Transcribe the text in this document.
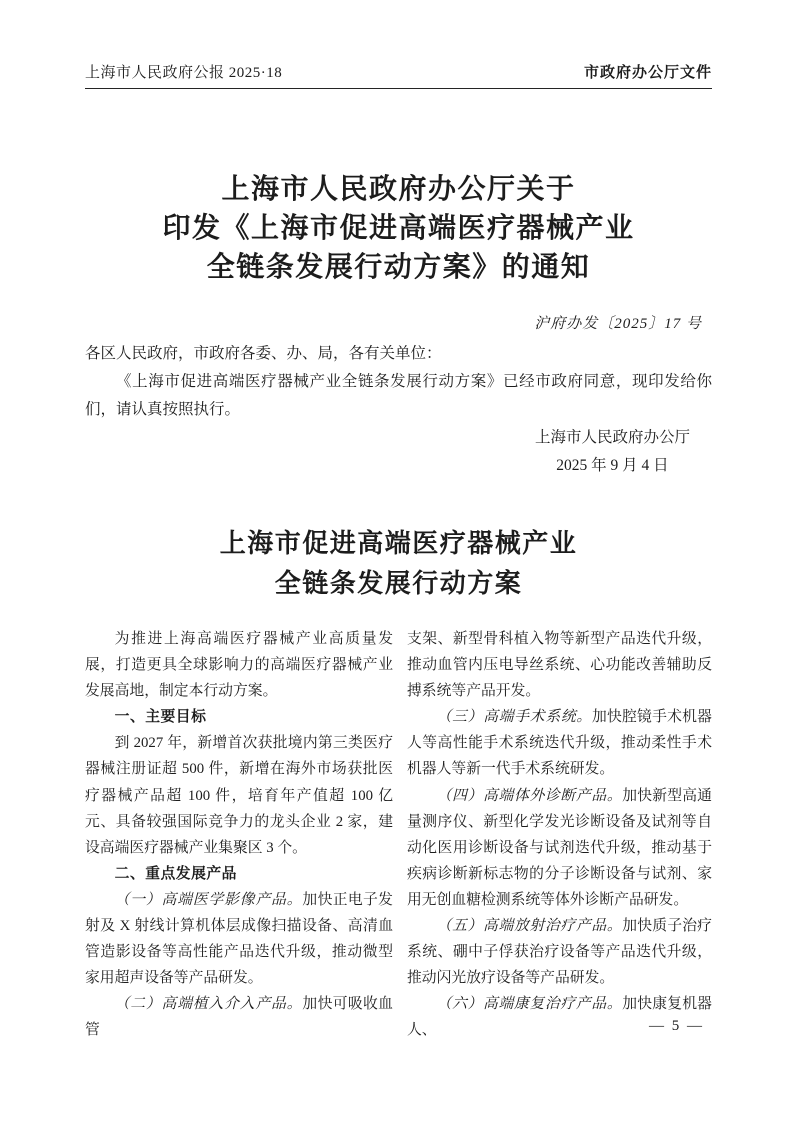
上海市人民政府公报 2025·18	市政府办公厅文件
上海市人民政府办公厅关于
印发《上海市促进高端医疗器械产业
全链条发展行动方案》的通知
沪府办发〔2025〕17 号

各区人民政府，市政府各委、办、局，各有关单位：

《上海市促进高端医疗器械产业全链条发展行动方案》已经市政府同意，现印发给你们，请认真按照执行。

上海市人民政府办公厅
2025 年 9 月 4 日
上海市促进高端医疗器械产业
全链条发展行动方案

为推进上海高端医疗器械产业高质量发展，打造更具全球影响力的高端医疗器械产业发展高地，制定本行动方案。

一、主要目标

到 2027 年，新增首次获批境内第三类医疗器械注册证超 500 件，新增在海外市场获批医疗器械产品超 100 件，培育年产值超 100 亿元、具备较强国际竞争力的龙头企业 2 家，建设高端医疗器械产业集聚区 3 个。

二、重点发展产品

（一）高端医学影像产品。加快正电子发射及 X 射线计算机体层成像扫描设备、高清血管造影设备等高性能产品迭代升级，推动微型家用超声设备等产品研发。

（二）高端植入介入产品。加快可吸收血管

支架、新型骨科植入物等新型产品迭代升级，推动血管内压电导丝系统、心功能改善辅助反搏系统等产品开发。

（三）高端手术系统。加快腔镜手术机器人等高性能手术系统迭代升级，推动柔性手术机器人等新一代手术系统研发。

（四）高端体外诊断产品。加快新型高通量测序仪、新型化学发光诊断设备及试剂等自动化医用诊断设备与试剂迭代升级，推动基于疾病诊断新标志物的分子诊断设备与试剂、家用无创血糖检测系统等体外诊断产品研发。

（五）高端放射治疗产品。加快质子治疗系统、硼中子俘获治疗设备等产品迭代升级，推动闪光放疗设备等产品研发。

（六）高端康复治疗产品。加快康复机器人、	— 5 —
